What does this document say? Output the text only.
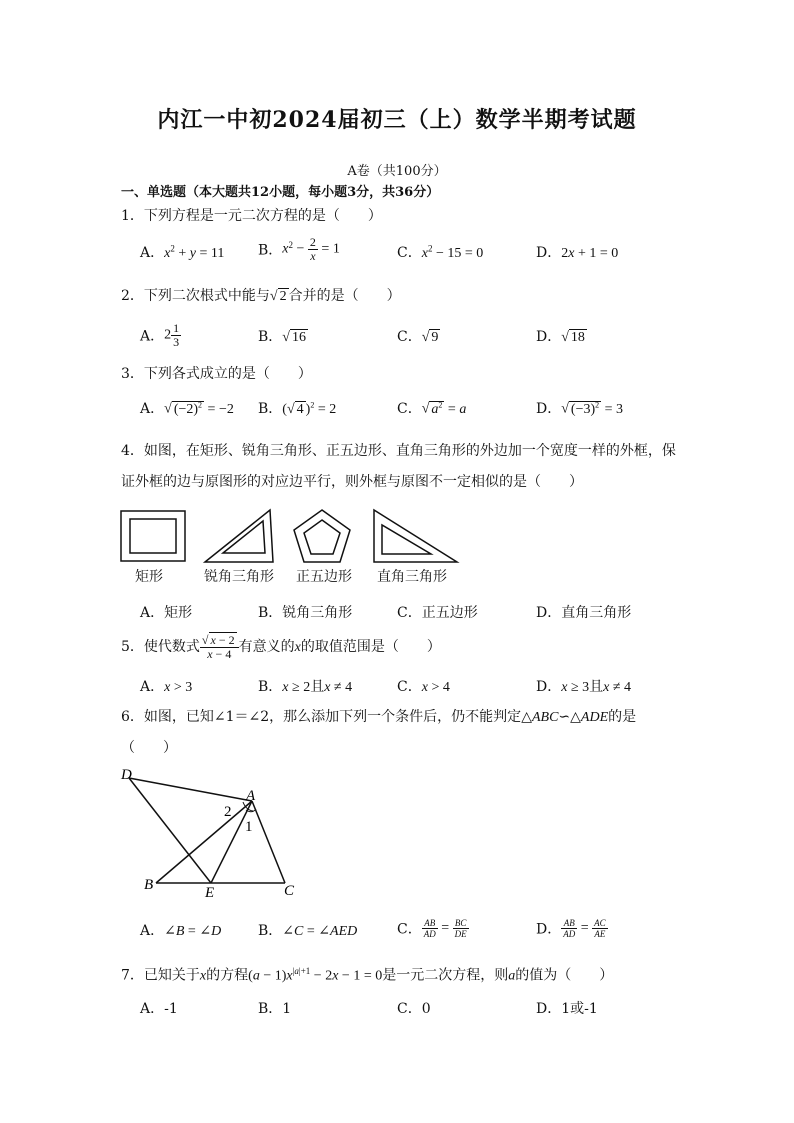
内江一中初2024届初三（上）数学半期考试题
A卷（共100分）
一、单选题（本大题共12小题，每小题3分，共36分）
1．下列方程是一元二次方程的是（　　）
A．$x^2 + y = 11$ B．$x^2 - \frac{2}{x} = 1$	C．$x^2 - 15 = 0$	D．2x + 1 = 0
2．下列二次根式中能与√ 2 合并的是（　　）
A．$2 \frac{1}{3}$	B．√ 16	C．√ 9	D．√ 18
3．下列各式成立的是（　　）
A．√ $(-2)^2 = -2$ B．(√ 4 )$^2$ = 2	C．√ $a^2 = a$	D．√ $(-3)^2 = 3$
4．如图，在矩形、锐角三角形、正五边形、直角三角形的外边加一个宽度一样的外框，保证外框的边与原图形的对应边平行，则外框与原图不一定相似的是（　　）
矩形	锐角三角形 正五边形 直角三角形
A．矩形	B．锐角三角形	C．正五边形	D．直角三角形
5．使代数式 $\frac{√ x - 2}{x - 4}$ 有意义的x的取值范围是（　　）
A．x > 3	B．x ≥ 2且x ≠ 4	C．x > 4	D．x ≥ 3且x ≠ 4
6．如图，已知∠1＝∠2，那么添加下列一个条件后，仍不能判定△ABC∽△ADE的是
（　　）
D
A
2
1
B	E	C
A．∠B = ∠D	B．∠C = ∠AED	C． $\frac{AB}{AD} = \frac{BC}{DE}$	D． $\frac{AB}{AD} = \frac{AC}{AE}$
7．已知关于x的方程$(a - 1)x^{|a|+1} - 2x - 1 = 0$是一元二次方程，则a的值为（　　）
A．-1	B．1	C．0	D．1或-1
